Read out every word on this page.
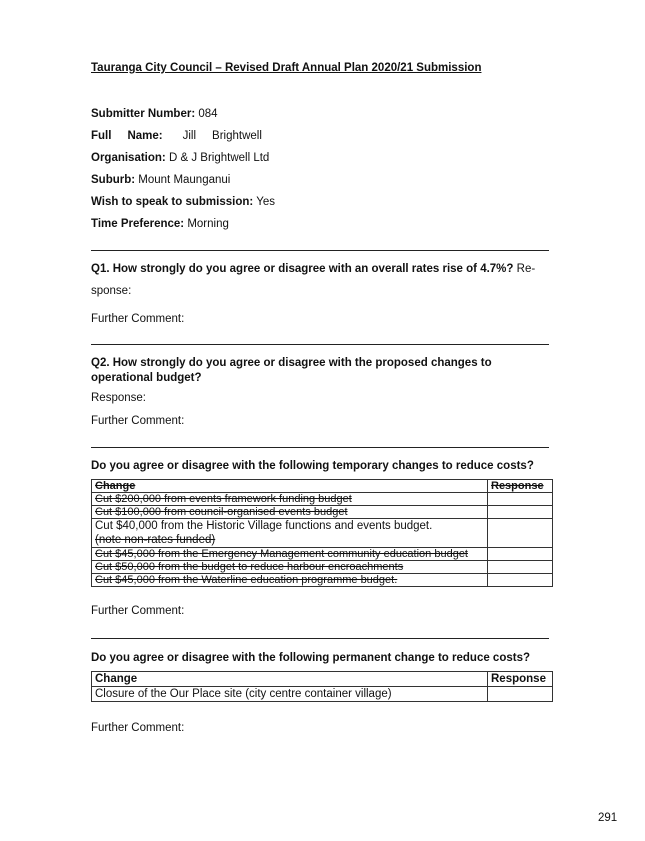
Tauranga City Council – Revised Draft Annual Plan 2020/21 Submission
Submitter Number: 084
Full Name: Jill Brightwell
Organisation: D & J Brightwell Ltd
Suburb: Mount Maunganui
Wish to speak to submission: Yes
Time Preference: Morning
Q1. How strongly do you agree or disagree with an overall rates rise of 4.7%? Re-
sponse:
Further Comment:
Q2. How strongly do you agree or disagree with the proposed changes to operational budget?
Response:
Further Comment:
Do you agree or disagree with the following temporary changes to reduce costs?
Change	Response
Cut $200,000 from events framework funding budget	
Cut $100,000 from council-organised events budget	

Cut $40,000 from the Historic Village functions and events budget.
(note non-rates funded)	

Cut $45,000 from the Emergency Management community education budget	
Cut $50,000 from the budget to reduce harbour encroachments	
Cut $45,000 from the Waterline education programme budget.	
Further Comment:
Do you agree or disagree with the following permanent change to reduce costs?
Change	Response
Closure of the Our Place site (city centre container village)	
Further Comment:
291
